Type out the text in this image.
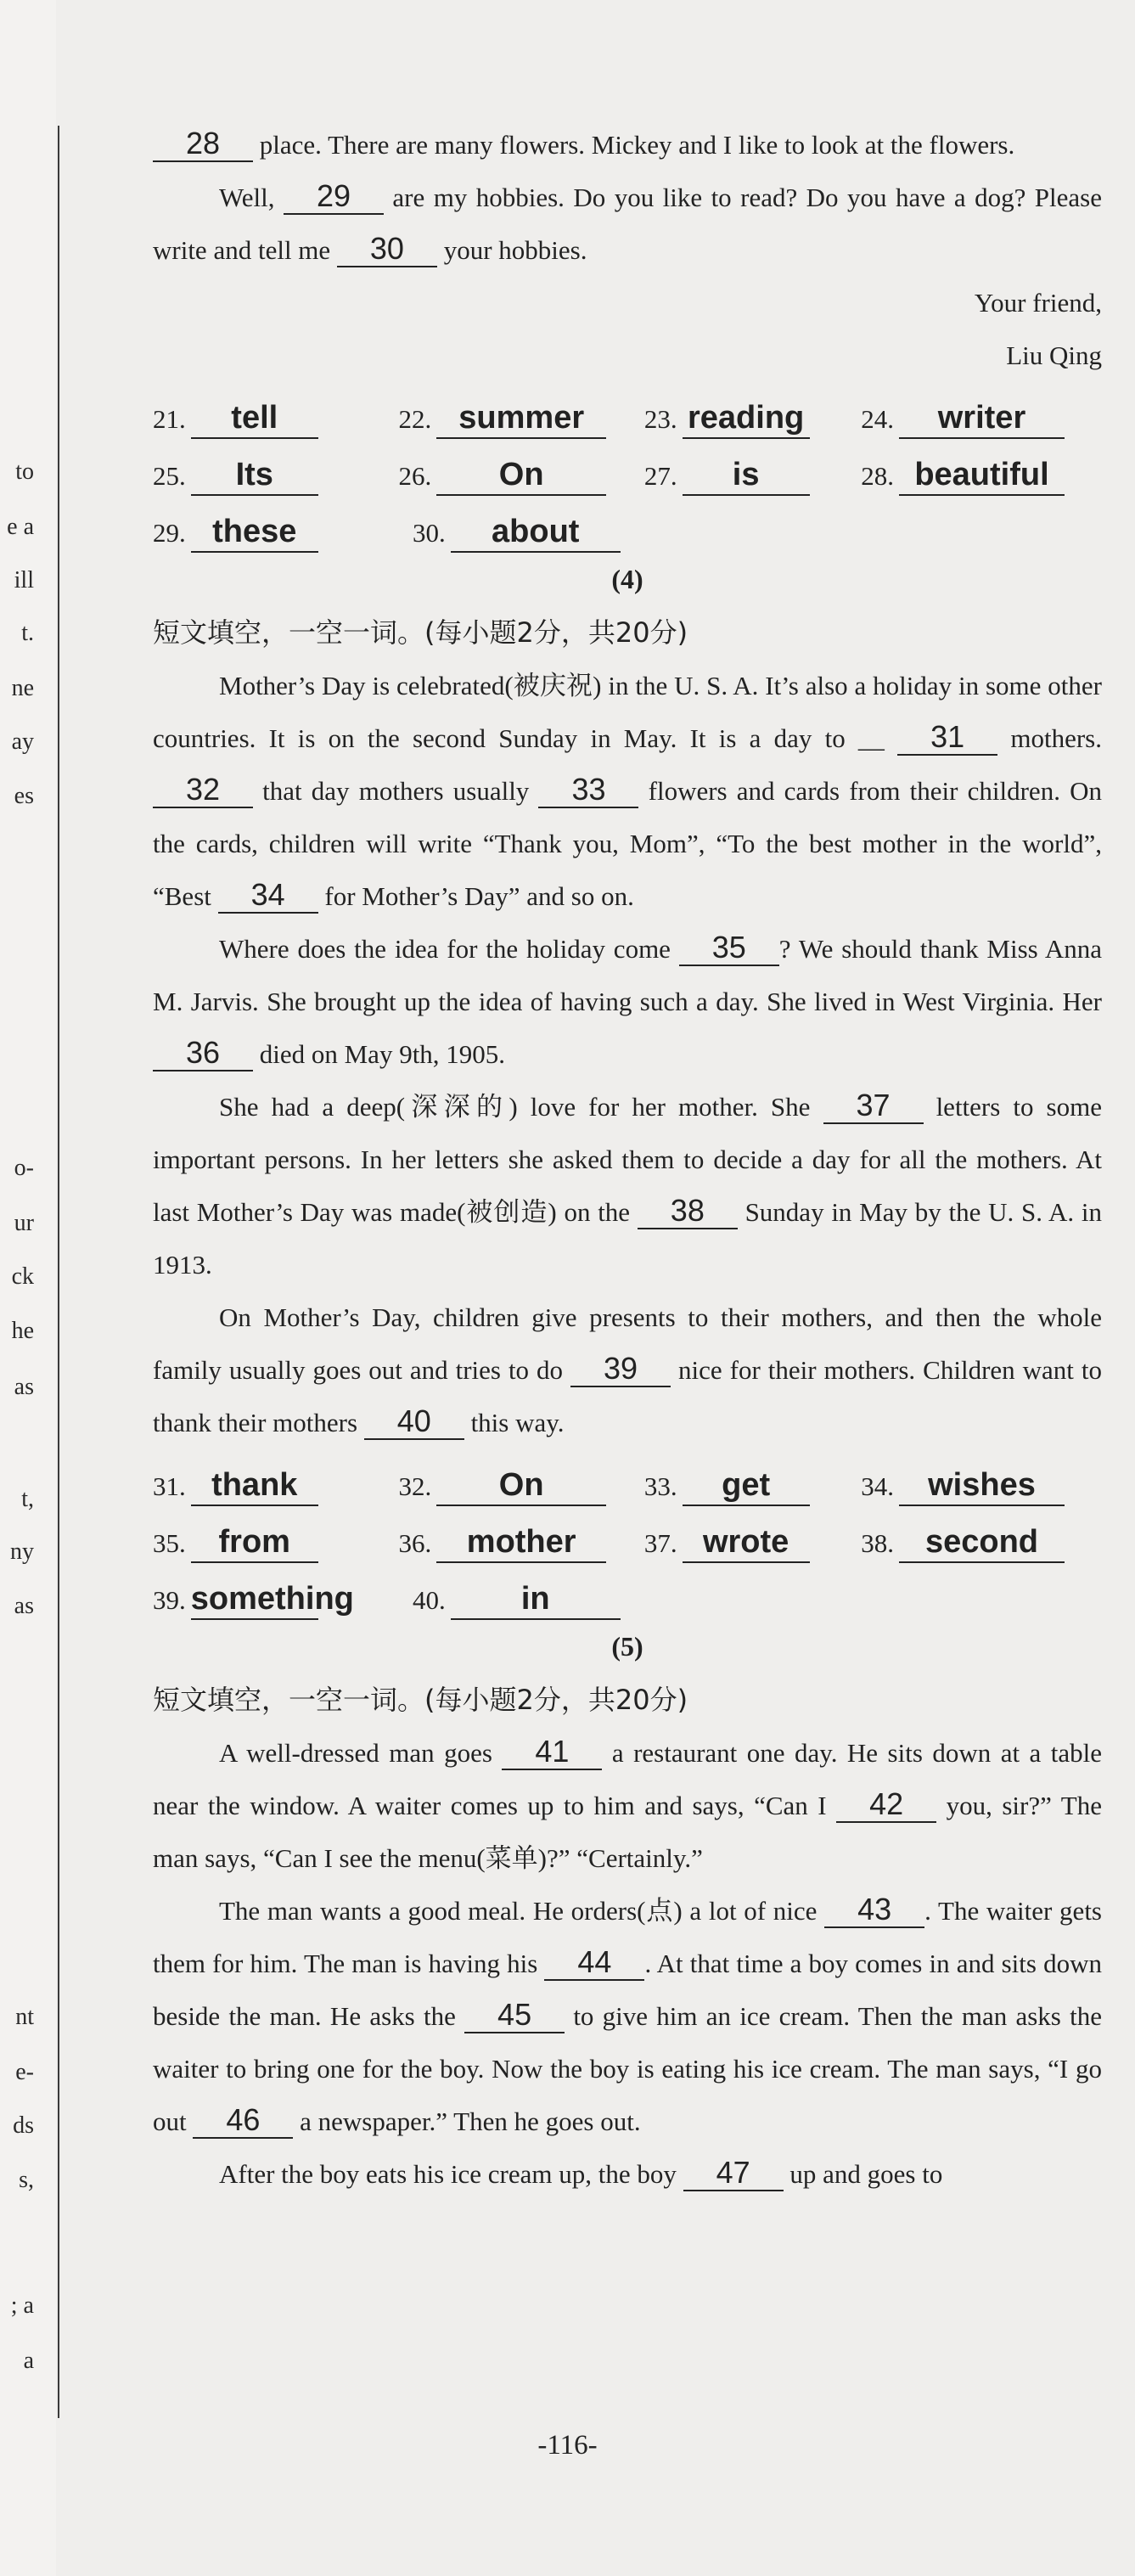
to
e a
ill
t.
ne
ay
es
o-
ur
ck
he
as
t,
ny
as
nt
e-
ds
s,
; a
a
28 place. There are many flowers. Mickey and I like to look at the flowers.
Well, 29 are my hobbies. Do you like to read? Do you have a dog? Please write and tell me 30 your hobbies.
Your friend,
Liu Qing
21. tell	22. summer	23. reading	24. writer
25. Its	26. On	27. is	28. beautiful
29. these	30. about
(4)
短文填空，一空一词。(每小题2分，共20分)
Mother’s Day is celebrated(被庆祝) in the U. S. A. It’s also a holiday in some other countries. It is on the second Sunday in May. It is a day to __ 31 mothers. 32 that day mothers usually 33 flowers and cards from their children. On the cards, children will write “Thank you, Mom”, “To the best mother in the world”, “Best 34 for Mother’s Day” and so on.
Where does the idea for the holiday come 35 ? We should thank Miss Anna M. Jarvis. She brought up the idea of having such a day. She lived in West Virginia. Her 36 died on May 9th, 1905.
She had a deep(深深的) love for her mother. She 37 letters to some important persons. In her letters she asked them to decide a day for all the mothers. At last Mother’s Day was made(被创造) on the 38 Sunday in May by the U. S. A. in 1913.
On Mother’s Day, children give presents to their mothers, and then the whole family usually goes out and tries to do 39 nice for their mothers. Children want to thank their mothers 40 this way.
31. thank	32. On	33. get	34. wishes
35. from	36. mother	37. wrote	38. second
39. something	40. in
(5)
短文填空，一空一词。(每小题2分，共20分)
A well-dressed man goes 41 a restaurant one day. He sits down at a table near the window. A waiter comes up to him and says, “Can I 42 you, sir?” The man says, “Can I see the menu(菜单)?” “Certainly.”
The man wants a good meal. He orders(点) a lot of nice 43 . The waiter gets them for him. The man is having his 44 . At that time a boy comes in and sits down beside the man. He asks the 45 to give him an ice cream. Then the man asks the waiter to bring one for the boy. Now the boy is eating his ice cream. The man says, “I go out 46 a newspaper.” Then he goes out.
After the boy eats his ice cream up, the boy 47 up and goes to
-116-
